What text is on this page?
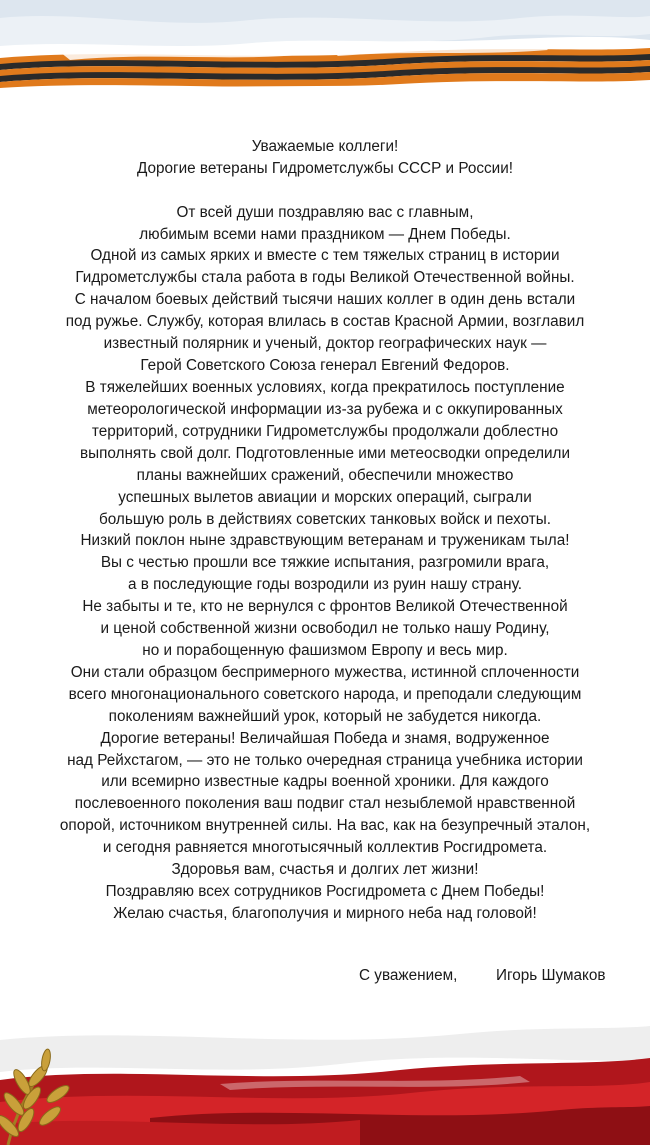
Уважаемые коллеги!
Дорогие ветераны Гидрометслужбы СССР и России!
От всей души поздравляю вас с главным,
любимым всеми нами праздником — Днем Победы.
Одной из самых ярких и вместе с тем тяжелых страниц в истории
Гидрометслужбы стала работа в годы Великой Отечественной войны.
С началом боевых действий тысячи наших коллег в один день встали
под ружье. Службу, которая влилась в состав Красной Армии, возглавил
известный полярник и ученый, доктор географических наук —
Герой Советского Союза генерал Евгений Федоров.
В тяжелейших военных условиях, когда прекратилось поступление
метеорологической информации из-за рубежа и с оккупированных
территорий, сотрудники Гидрометслужбы продолжали доблестно
выполнять свой долг. Подготовленные ими метеосводки определили
планы важнейших сражений, обеспечили множество
успешных вылетов авиации и морских операций, сыграли
большую роль в действиях советских танковых войск и пехоты.
Низкий поклон ныне здравствующим ветеранам и труженикам тыла!
Вы с честью прошли все тяжкие испытания, разгромили врага,
а в последующие годы возродили из руин нашу страну.
Не забыты и те, кто не вернулся с фронтов Великой Отечественной
и ценой собственной жизни освободил не только нашу Родину,
но и порабощенную фашизмом Европу и весь мир.
Они стали образцом беспримерного мужества, истинной сплоченности
всего многонационального советского народа, и преподали следующим
поколениям важнейший урок, который не забудется никогда.
Дорогие ветераны! Величайшая Победа и знамя, водруженное
над Рейхстагом, — это не только очередная страница учебника истории
или всемирно известные кадры военной хроники. Для каждого
послевоенного поколения ваш подвиг стал незыблемой нравственной
опорой, источником внутренней силы. На вас, как на безупречный эталон,
и сегодня равняется многотысячный коллектив Росгидромета.
Здоровья вам, счастья и долгих лет жизни!
Поздравляю всех сотрудников Росгидромета с Днем Победы!
Желаю счастья, благополучия и мирного неба над головой!
С уважением,	Игорь Шумаков
